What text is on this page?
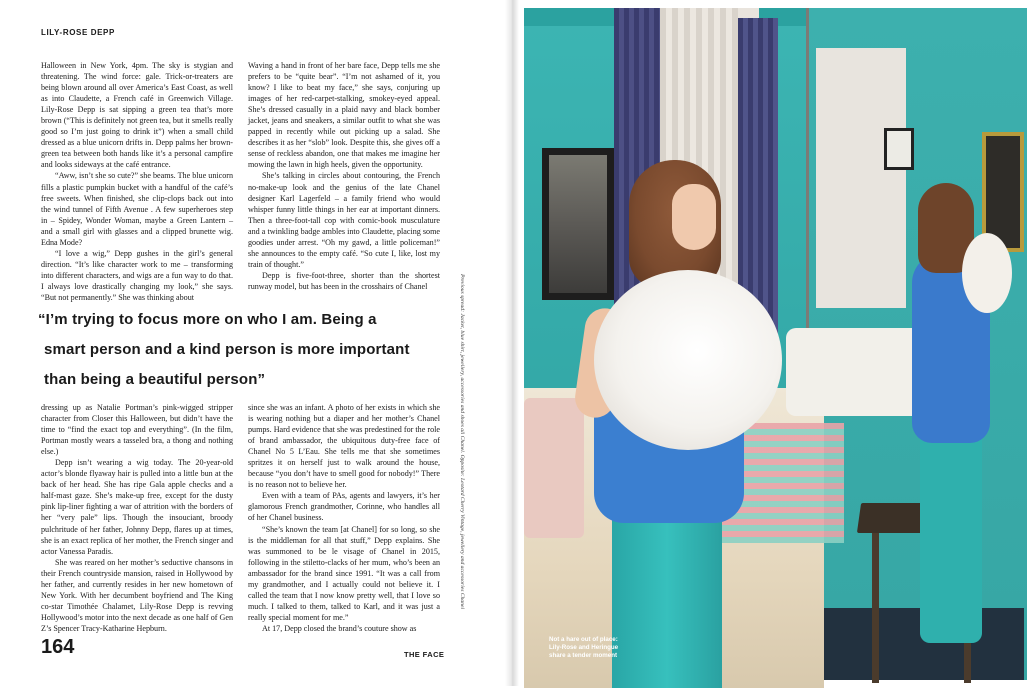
LILY-ROSE DEPP

Halloween in New York, 4pm. The sky is stygian and threatening. The wind force: gale. Trick-or-treaters are being blown around all over America’s East Coast, as well as into Claudette, a French café in Greenwich Village. Lily-Rose Depp is sat sipping a green tea that’s more brown (“This is definitely not green tea, but it smells really good so I’m just going to drink it”) when a small child dressed as a blue unicorn drifts in. Depp palms her brown-green tea between both hands like it’s a personal campfire and looks sideways at the café entrance.

“Aww, isn’t she so cute?” she beams. The blue unicorn fills a plastic pumpkin bucket with a handful of the café’s free sweets. When finished, she clip-clops back out into the wind tunnel of Fifth Avenue . A few superheroes step in – Spidey, Wonder Woman, maybe a Green Lantern – and a small girl with glasses and a clipped brunette wig. Edna Mode?

“I love a wig,” Depp gushes in the girl’s general direction. “It’s like character work to me – transforming into different characters, and wigs are a fun way to do that. I always love drastically changing my look,” she says. “But not permanently.” She was thinking about

Waving a hand in front of her bare face, Depp tells me she prefers to be “quite bear”. “I’m not ashamed of it, you know? I like to beat my face,” she says, conjuring up images of her red-carpet-stalking, smokey-eyed appeal. She’s dressed casually in a plaid navy and black bomber jacket, jeans and sneakers, a similar outfit to what she was papped in recently while out picking up a salad. She describes it as her “slob” look. Despite this, she gives off a sense of reckless abandon, one that makes me imagine her mowing the lawn in high heels, given the opportunity.

She’s talking in circles about contouring, the French no-make-up look and the genius of the late Chanel designer Karl Lagerfeld – a family friend who would whisper funny little things in her ear at important dinners. Then a three-foot-tall cop with comic-book musculature and a twinkling badge ambles into Claudette, placing some goodies under arrest. “Oh my gawd, a little policeman!” she announces to the empty café. “So cute I, like, lost my train of thought.”

Depp is five-foot-three, shorter than the shortest runway model, but has been in the crosshairs of Chanel

“I’m trying to focus more on who I am. Being a
smart person and a kind person is more important
than being a beautiful person”

dressing up as Natalie Portman’s pink-wigged stripper character from Closer this Halloween, but didn’t have the time to “find the exact top and everything”. (In the film, Portman mostly wears a tasseled bra, a thong and nothing else.)

Depp isn’t wearing a wig today. The 20-year-old actor’s blonde flyaway hair is pulled into a little bun at the back of her head. She has ripe Gala apple checks and a half-mast gaze. She’s make-up free, except for the dusty pink lip-liner fighting a war of attrition with the borders of her “very pale” lips. Though the insouciant, broody pulchritude of her father, Johnny Depp, flares up at times, she is an exact replica of her mother, the French singer and actor Vanessa Paradis.

She was reared on her mother’s seductive chansons in their French countryside mansion, raised in Hollywood by her father, and currently resides in her new hometown of New York. With her decumbent boyfriend and The King co-star Timothée Chalamet, Lily-Rose Depp is revving Hollywood’s motor into the next decade as one half of Gen Z’s Spencer Tracy-Katharine Hepburn.

since she was an infant. A photo of her exists in which she is wearing nothing but a diaper and her mother’s Chanel pumps. Hard evidence that she was predestined for the role of brand ambassador, the ubiquitous duty-free face of Chanel No 5 L’Eau. She tells me that she sometimes spritzes it on herself just to walk around the house, because “you don’t have to smell good for nobody!” There is no reason not to believe her.

Even with a team of PAs, agents and lawyers, it’s her glamorous French grandmother, Corinne, who handles all of her Chanel business.

“She’s known the team [at Chanel] for so long, so she is the middleman for all that stuff,” Depp explains. She was summoned to be le visage of Chanel in 2015, following in the stiletto-clacks of her mum, who’s been an ambassador for the brand since 1991. “It was a call from my grandmother, and I actually could not believe it. I called the team that I now know pretty well, that I love so much. I talked to them, talked to Karl, and it was just a really special moment for me.”

At 17, Depp closed the brand’s couture show as

164	THE FACE
Previous spread: Jacket, blue shirt, jewellery, accessories and shoes all Chanel. Opposite: Leotard Cherry Vintage, jewellery and accessories Chanel
Not a hare out of place:
Lily-Rose and Heringue
share a tender moment
